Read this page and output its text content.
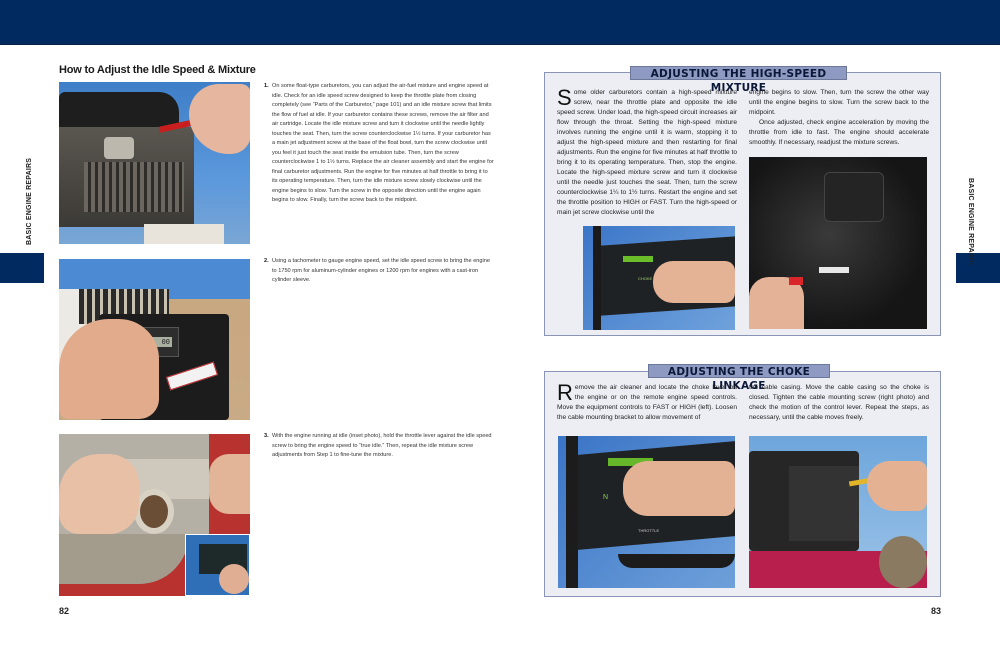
BASIC ENGINE REPAIRS	BASIC ENGINE REPAIRS
How to Adjust the Idle Speed & Mixture
1. On some float-type carburetors, you can adjust the air-fuel mixture and engine speed at idle. Check for an idle speed screw designed to keep the throttle plate from closing completely (see “Parts of the Carburetor,” page 101) and an idle mixture screw that limits the flow of fuel at idle. If your carburetor contains these screws, remove the air filter and air cartridge. Locate the idle mixture screw and turn it clockwise until the needle lightly touches the seat. Then, turn the screw counterclockwise 1½ turns. If your carburetor has a main jet adjustment screw at the base of the float bowl, turn the screw clockwise until you feel it just touch the seat inside the emulsion tube. Then, turn the screw counterclockwise 1 to 1½ turns. Replace the air cleaner assembly and start the engine for final carburetor adjustments. Run the engine for five minutes at half throttle to bring it to its operating temperature. Then, turn the idle mixture screw slowly clockwise until the engine begins to slow. Turn the screw in the opposite direction until the engine again begins to slow. Finally, turn the screw back to the midpoint.
00
2. Using a tachometer to gauge engine speed, set the idle speed screw to bring the engine to 1750 rpm for aluminum-cylinder engines or 1200 rpm for engines with a cast-iron cylinder sleeve.
3. With the engine running at idle (inset photo), hold the throttle lever against the idle speed screw to bring the engine speed to “true idle.” Then, repeat the idle mixture screw adjustments from Step 1 to fine-tune the mixture.
82
ADJUSTING THE HIGH-SPEED MIXTURE
Some older carburetors contain a high-speed mixture screw, near the throttle plate and opposite the idle speed screw. Under load, the high-speed circuit increases air flow through the throat. Setting the high-speed mixture involves running the engine until it is warm, stopping it to adjust the high-speed mixture and then restarting for final adjustments. Run the engine for five minutes at half throttle to bring it to its operating temperature. Then, stop the engine. Locate the high-speed mixture screw and turn it clockwise until the needle just touches the seat. Then, turn the screw counterclockwise 1¼ to 1½ turns. Restart the engine and set the throttle position to HIGH or FAST. Turn the high-speed or main jet screw clockwise until the
engine begins to slow. Then, turn the screw the other way until the engine begins to slow. Turn the screw back to the midpoint.
Once adjusted, check engine acceleration by moving the throttle from idle to fast. The engine should accelerate smoothly. If necessary, readjust the mixture screws.
CHOKE
ADJUSTING THE CHOKE LINKAGE
Remove the air cleaner and locate the choke lever on the engine or on the remote engine speed controls. Move the equipment controls to FAST or HIGH (left). Loosen the cable mounting bracket to allow movement of
the cable casing. Move the cable casing so the choke is closed. Tighten the cable mounting screw (right photo) and check the motion of the control lever. Repeat the steps, as necessary, until the cable moves freely.
N
THROTTLE
83
